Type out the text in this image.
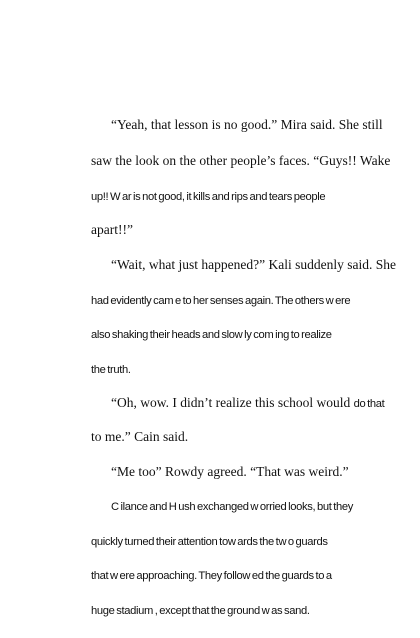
“Yeah, that lesson is no good.” Mira said. She still

saw the look on the other people’s faces. “Guys!! Wake

up!! W ar is not good, it kills and rips and tears people

apart!!”

“Wait, what just happened?” Kali suddenly said. She

had evidently cam e to her senses again. The others w ere

also shaking their heads and slow ly com ing to realize

the truth.

“Oh, wow. I didn’t realize this school would do that

to me.” Cain said.

“Me too” Rowdy agreed. “That was weird.”

C ilance and H ush exchanged w orried looks, but they

quickly turned their attention tow ards the tw o guards

that w ere approaching. They follow ed the guards to a

huge stadium , except that the ground w as sand.
